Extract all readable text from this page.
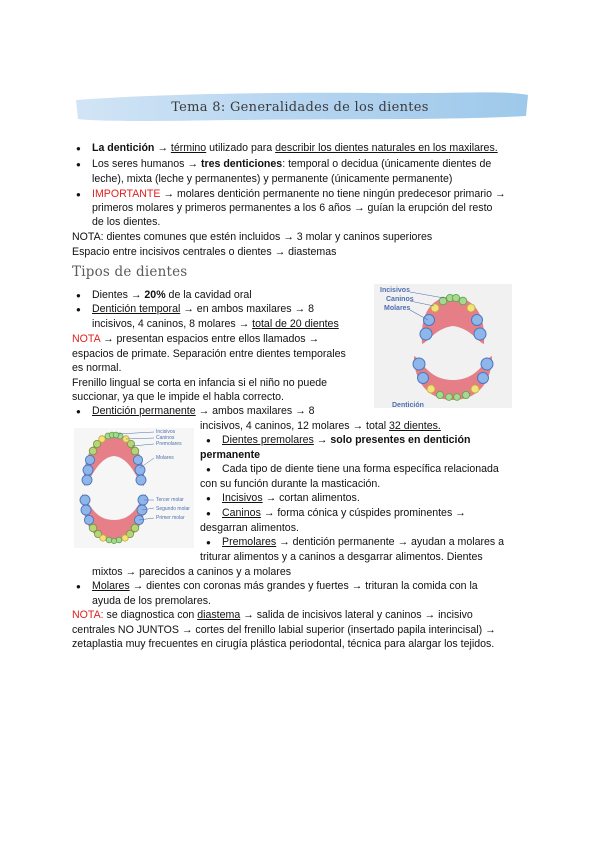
Tema 8: Generalidades de los dientes
● La dentición → término utilizado para describir los dientes naturales en los maxilares.
● Los seres humanos → tres denticiones: temporal o decidua (únicamente dientes de
leche), mixta (leche y permanentes) y permanente (únicamente permanente)
● IMPORTANTE → molares dentición permanente no tiene ningún predecesor primario →
primeros molares y primeros permanentes a los 6 años → guían la erupción del resto
de los dientes.
NOTA: dientes comunes que estén incluidos → 3 molar y caninos superiores
Espacio entre incisivos centrales o dientes → diastemas
Tipos de dientes
Incisivos
Caninos
Molares
Dentición
● Dientes → 20% de la cavidad oral
● Dentición temporal → en ambos maxilares → 8
incisivos, 4 caninos, 8 molares → total de 20 dientes
NOTA → presentan espacios entre ellos llamados →
espacios de primate. Separación entre dientes temporales
es normal.
Frenillo lingual se corta en infancia si el niño no puede
succionar, ya que le impide el habla correcto.
● Dentición permanente → ambos maxilares → 8
incisivos, 4 caninos, 12 molares → total 32 dientes.
Incisivos
Caninos
Premolares
Molares
Tercer molar
Segundo molar
Primer molar
● Dientes premolares → solo presentes en dentición
permanente
● Cada tipo de diente tiene una forma específica relacionada
con su función durante la masticación.
● Incisivos → cortan alimentos.
● Caninos → forma cónica y cúspides prominentes →
desgarran alimentos.
● Premolares → dentición permanente → ayudan a molares a
triturar alimentos y a caninos a desgarrar alimentos. Dientes
mixtos → parecidos a caninos y a molares
● Molares → dientes con coronas más grandes y fuertes → trituran la comida con la
ayuda de los premolares.
NOTA: se diagnostica con diastema → salida de incisivos lateral y caninos → incisivo
centrales NO JUNTOS → cortes del frenillo labial superior (insertado papila interincisal) →
zetaplastia muy frecuentes en cirugía plástica periodontal, técnica para alargar los tejidos.
